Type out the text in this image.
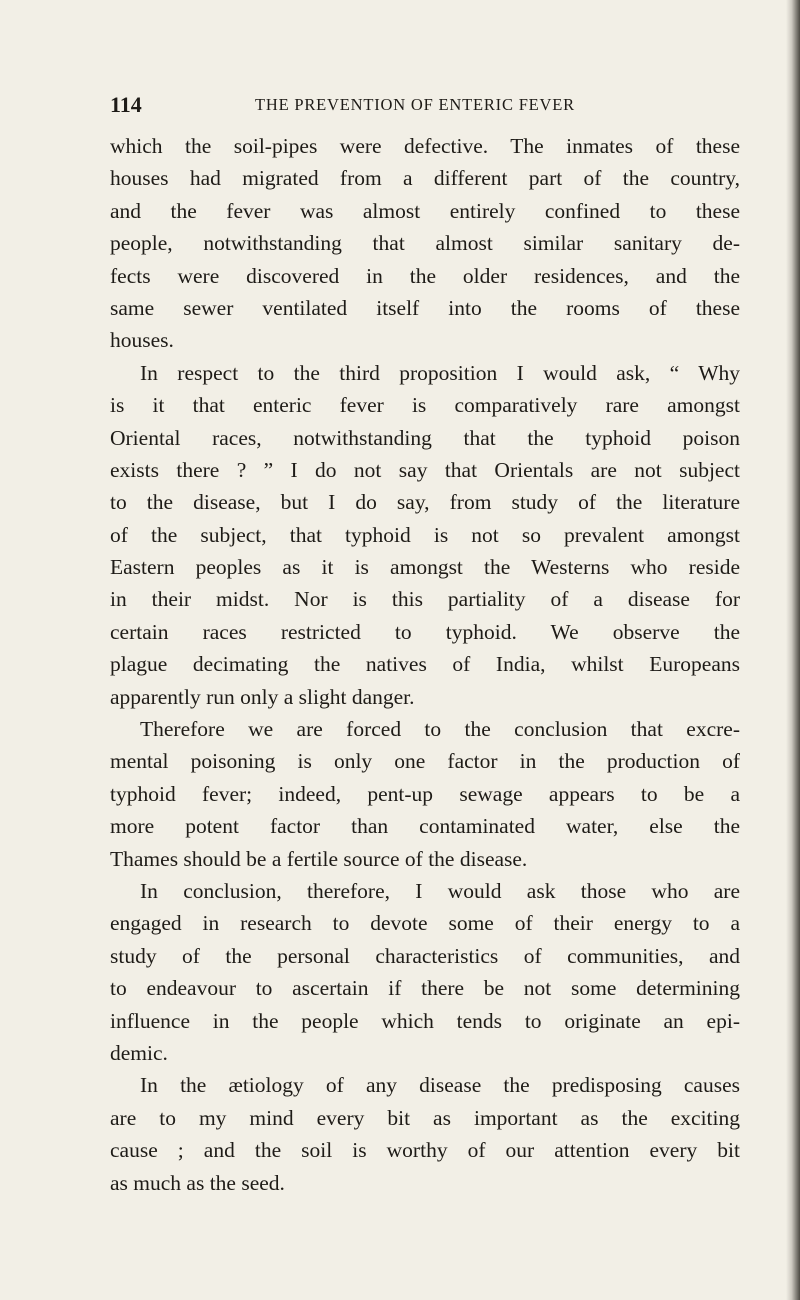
114	THE PREVENTION OF ENTERIC FEVER
which the soil-pipes were defective. The inmates of these
houses had migrated from a different part of the country,
and the fever was almost entirely confined to these
people, notwithstanding that almost similar sanitary de-
fects were discovered in the older residences, and the
same sewer ventilated itself into the rooms of these
houses.
In respect to the third proposition I would ask, “ Why
is it that enteric fever is comparatively rare amongst
Oriental races, notwithstanding that the typhoid poison
exists there ? ” I do not say that Orientals are not subject
to the disease, but I do say, from study of the literature
of the subject, that typhoid is not so prevalent amongst
Eastern peoples as it is amongst the Westerns who reside
in their midst. Nor is this partiality of a disease for
certain races restricted to typhoid. We observe the
plague decimating the natives of India, whilst Europeans
apparently run only a slight danger.
Therefore we are forced to the conclusion that excre-
mental poisoning is only one factor in the production of
typhoid fever; indeed, pent-up sewage appears to be a
more potent factor than contaminated water, else the
Thames should be a fertile source of the disease.
In conclusion, therefore, I would ask those who are
engaged in research to devote some of their energy to a
study of the personal characteristics of communities, and
to endeavour to ascertain if there be not some determining
influence in the people which tends to originate an epi-
demic.
In the ætiology of any disease the predisposing causes
are to my mind every bit as important as the exciting
cause ; and the soil is worthy of our attention every bit
as much as the seed.
